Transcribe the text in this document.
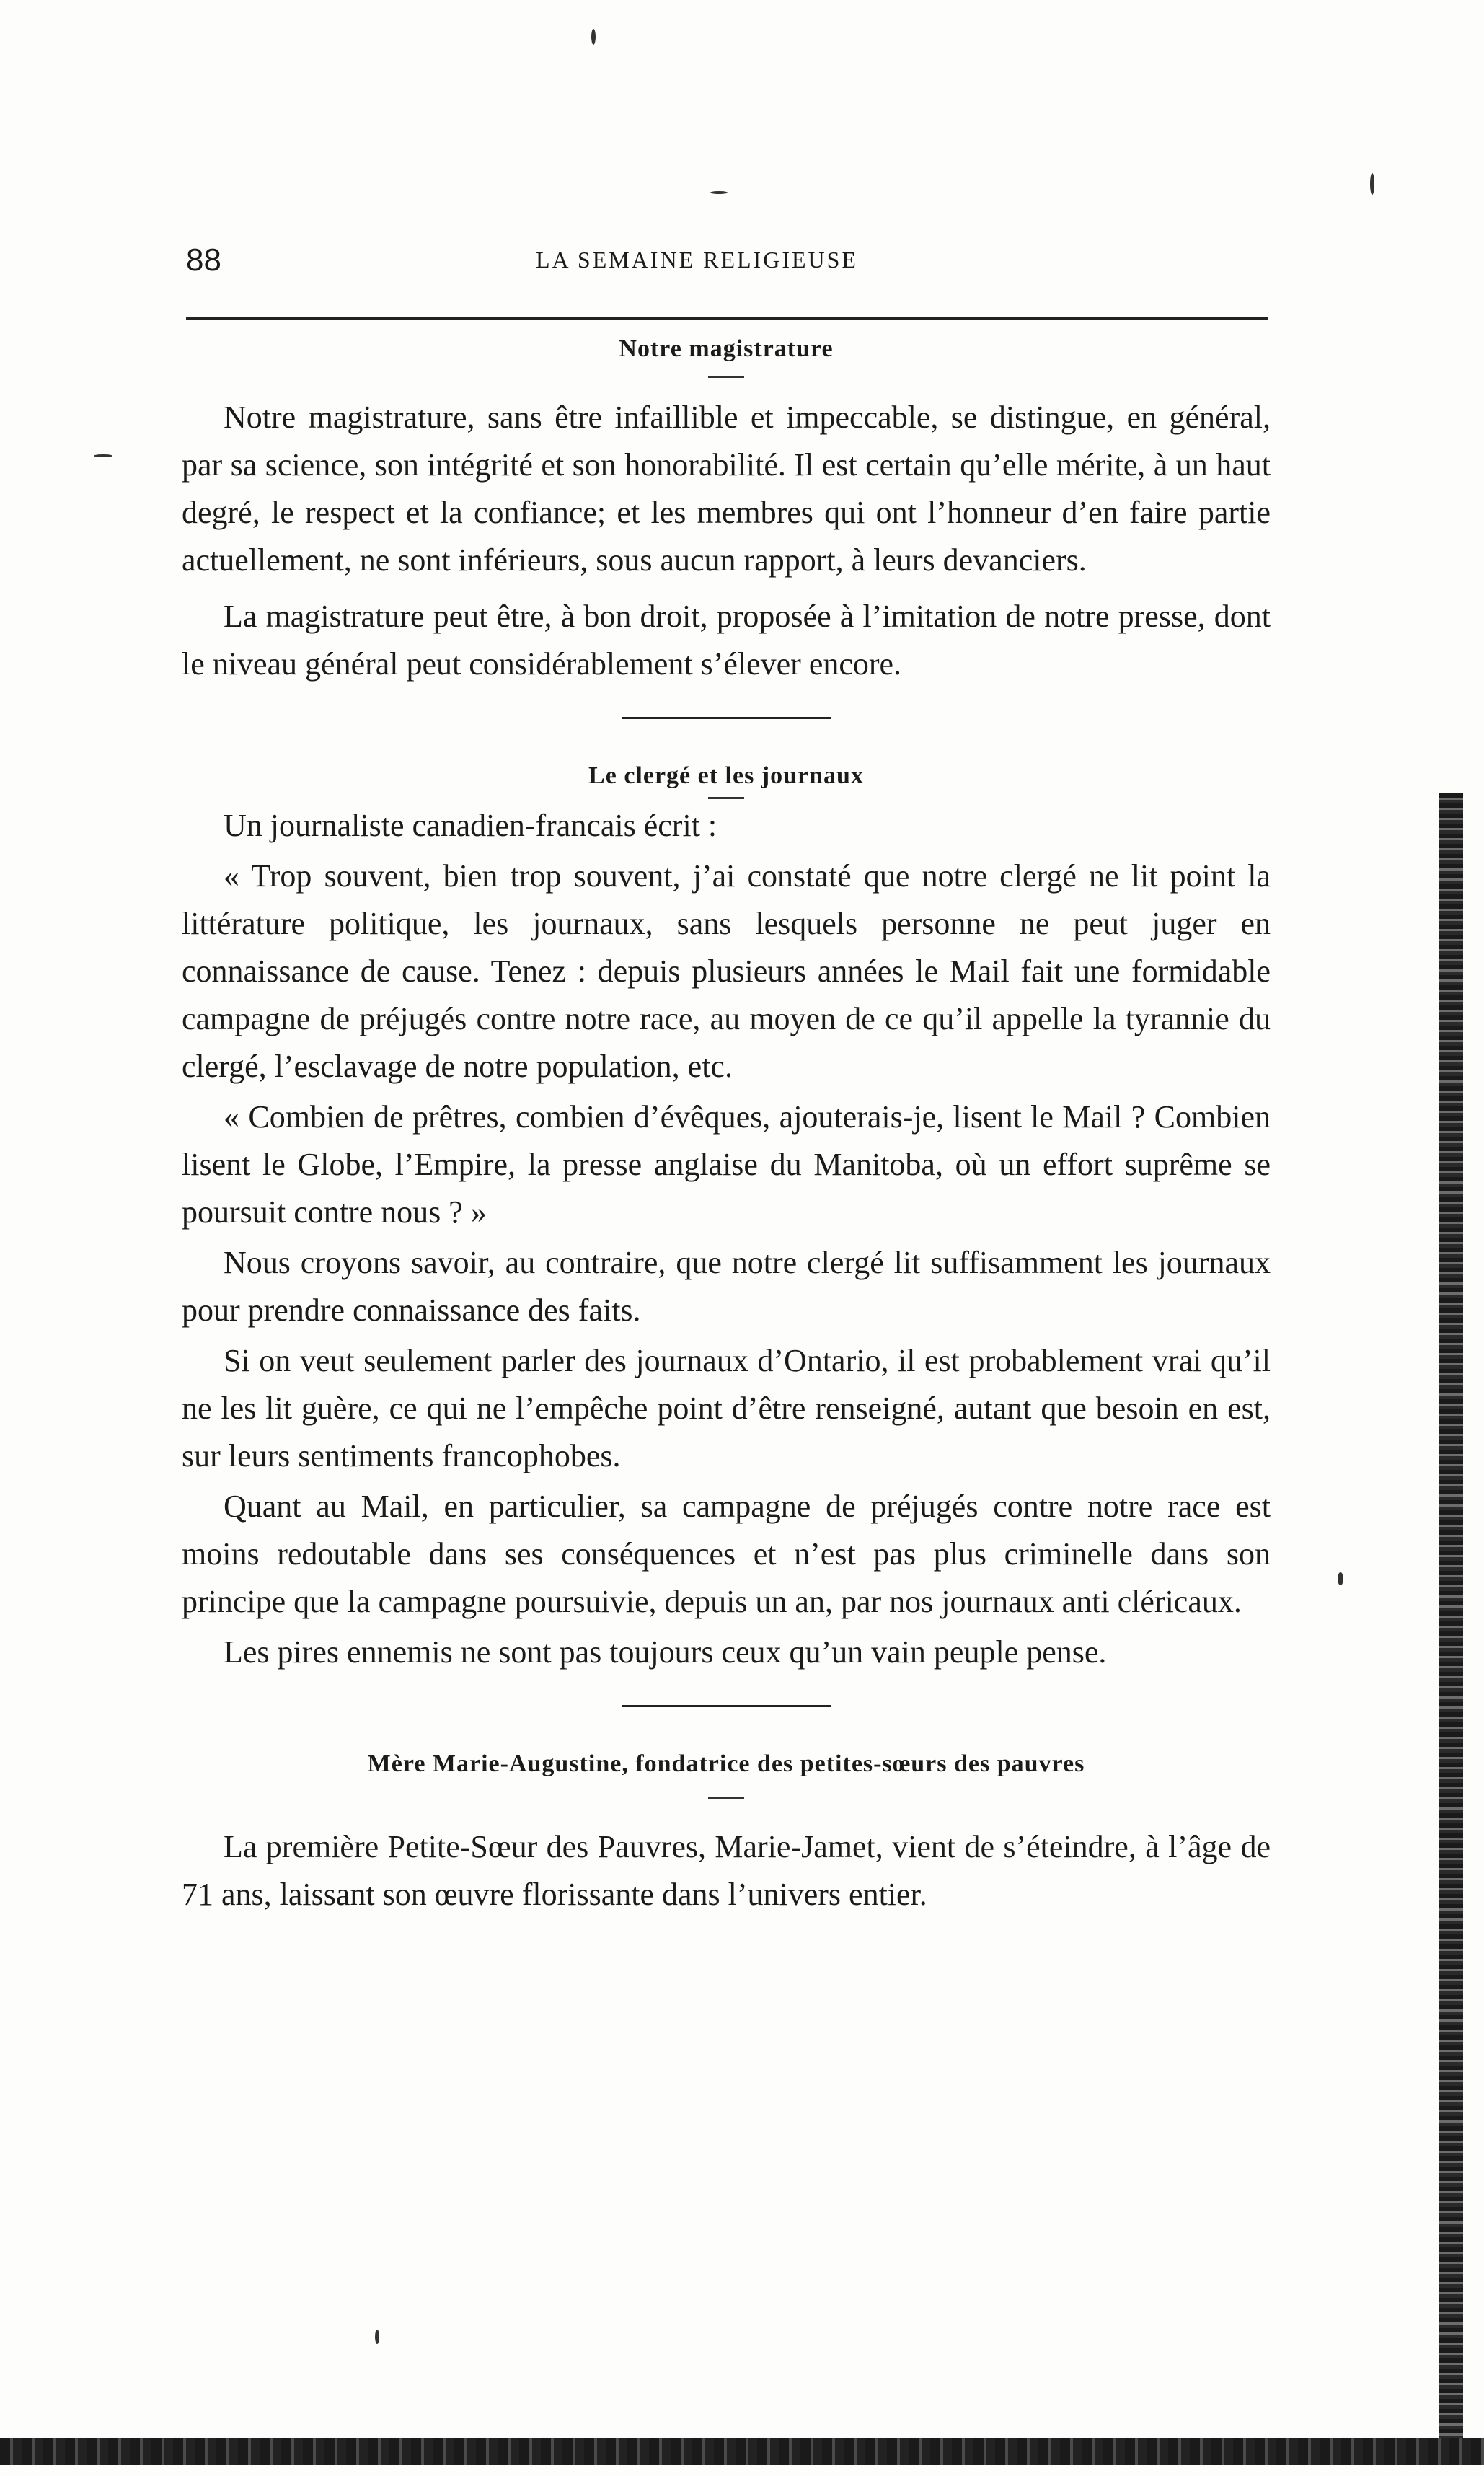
88	LA SEMAINE RELIGIEUSE
Notre magistrature

Notre magistrature, sans être infaillible et impeccable, se distingue, en général, par sa science, son intégrité et son honorabilité. Il est certain qu’elle mérite, à un haut degré, le respect et la confiance; et les membres qui ont l’honneur d’en faire partie actuellement, ne sont inférieurs, sous aucun rapport, à leurs devanciers.

La magistrature peut être, à bon droit, proposée à l’imitation de notre presse, dont le niveau général peut considérablement s’élever encore.

Le clergé et les journaux

Un journaliste canadien-francais écrit :

« Trop souvent, bien trop souvent, j’ai constaté que notre clergé ne lit point la littérature politique, les journaux, sans lesquels personne ne peut juger en connaissance de cause. Tenez : depuis plusieurs années le Mail fait une formidable campagne de préjugés contre notre race, au moyen de ce qu’il appelle la tyrannie du clergé, l’esclavage de notre population, etc.

« Combien de prêtres, combien d’évêques, ajouterais-je, lisent le Mail ? Combien lisent le Globe, l’Empire, la presse anglaise du Manitoba, où un effort suprême se poursuit contre nous ? »

Nous croyons savoir, au contraire, que notre clergé lit suffisamment les journaux pour prendre connaissance des faits.

Si on veut seulement parler des journaux d’Ontario, il est probablement vrai qu’il ne les lit guère, ce qui ne l’empêche point d’être renseigné, autant que besoin en est, sur leurs sentiments francophobes.

Quant au Mail, en particulier, sa campagne de préjugés contre notre race est moins redoutable dans ses conséquences et n’est pas plus criminelle dans son principe que la campagne poursuivie, depuis un an, par nos journaux anti cléricaux.

Les pires ennemis ne sont pas toujours ceux qu’un vain peuple pense.

Mère Marie-Augustine, fondatrice des petites-sœurs des pauvres

La première Petite-Sœur des Pauvres, Marie-Jamet, vient de s’éteindre, à l’âge de 71 ans, laissant son œuvre florissante dans l’univers entier.
